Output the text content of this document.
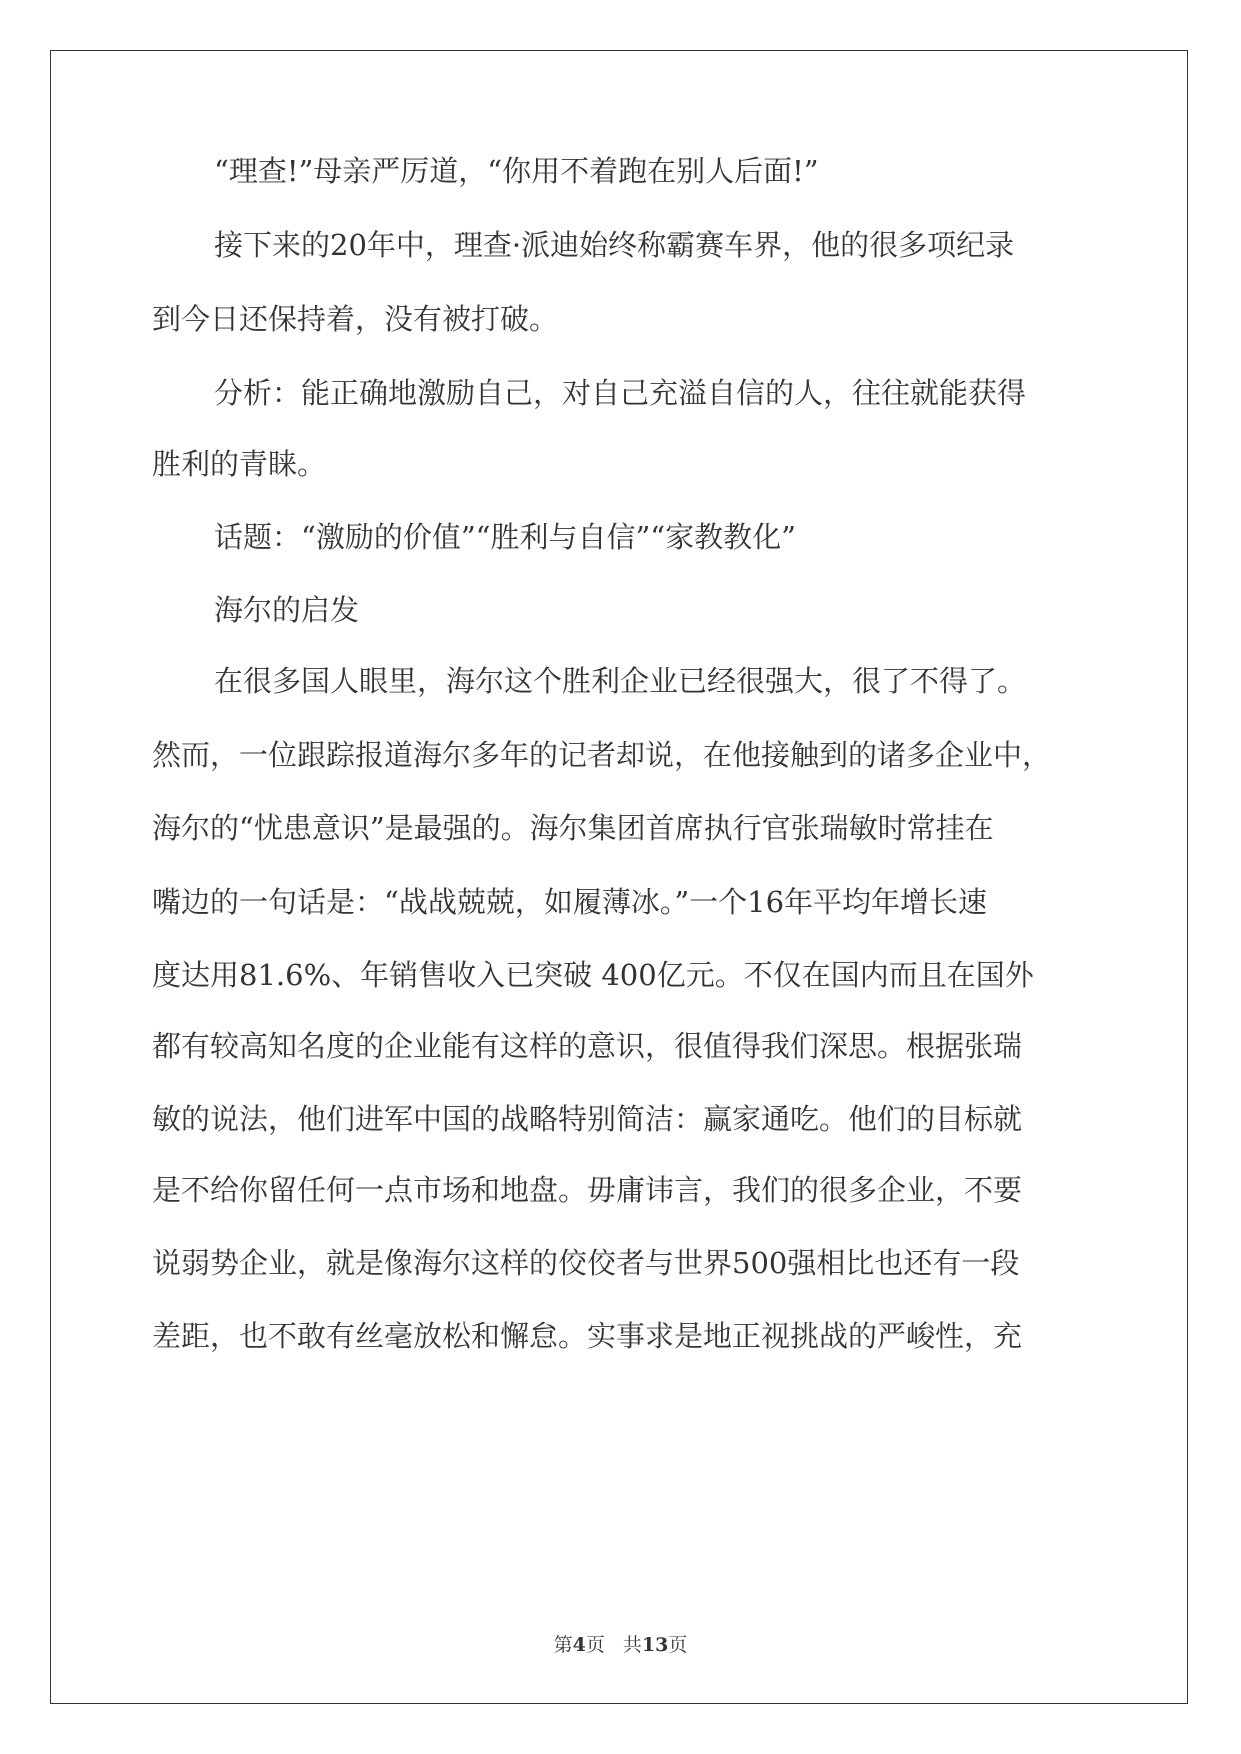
“理查!”母亲严厉道，“你用不着跑在别人后面!”
接下来的20年中，理查·派迪始终称霸赛车界，他的很多项纪录
到今日还保持着，没有被打破。
分析：能正确地激励自己，对自己充溢自信的人，往往就能获得
胜利的青睐。
话题：“激励的价值”“胜利与自信”“家教教化”
海尔的启发
在很多国人眼里，海尔这个胜利企业已经很强大，很了不得了。
然而，一位跟踪报道海尔多年的记者却说，在他接触到的诸多企业中，
海尔的“忧患意识”是最强的。海尔集团首席执行官张瑞敏时常挂在
嘴边的一句话是：“战战兢兢，如履薄冰。”一个16年平均年增长速
度达用81.6%、年销售收入已突破 400亿元。不仅在国内而且在国外
都有较高知名度的企业能有这样的意识，很值得我们深思。根据张瑞
敏的说法，他们进军中国的战略特别简洁：赢家通吃。他们的目标就
是不给你留任何一点市场和地盘。毋庸讳言，我们的很多企业，不要
说弱势企业，就是像海尔这样的佼佼者与世界500强相比也还有一段
差距，也不敢有丝毫放松和懈怠。实事求是地正视挑战的严峻性，充
第4页 共13页
